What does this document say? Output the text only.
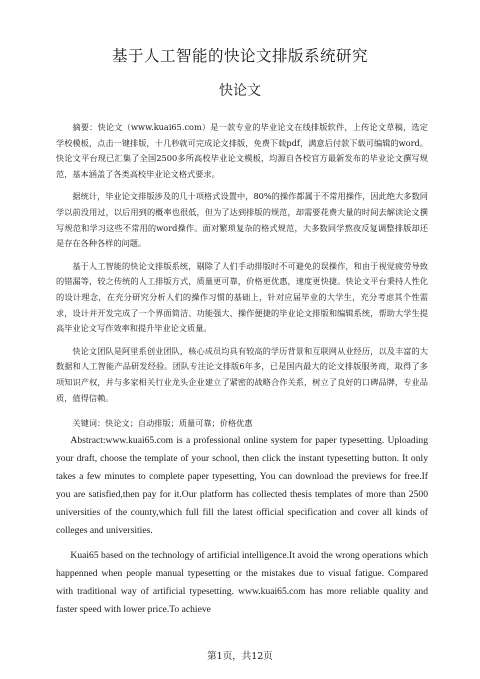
基于人工智能的快论文排版系统研究
快论文

摘要：快论文（www.kuai65.com）是一款专业的毕业论文在线排版软件，上传论文草稿，选定学校模板，点击一键排版，十几秒就可完成论文排版，免费下载pdf，满意后付款下载可编辑的word。快论文平台现已汇集了全国2500多所高校毕业论文模板，均源自各校官方最新发布的毕业论文撰写规范，基本涵盖了各类高校毕业论文格式要求。

据统计，毕业论文排版涉及的几十项格式设置中，80%的操作都属于不常用操作，因此绝大多数同学以前没用过，以后用到的概率也很低，但为了达到排版的规范，却需要花费大量的时间去解读论文撰写规范和学习这些不常用的word操作。面对繁琐复杂的格式规范，大多数同学熬夜反复调整排版却还是存在各种各样的问题。

基于人工智能的快论文排版系统，剔除了人们手动排版时不可避免的误操作，和由于视觉疲劳导致的错漏等，较之传统的人工排版方式，质量更可靠，价格更优惠，速度更快捷。快论文平台秉持人性化的设计理念，在充分研究分析人们的操作习惯的基础上，针对应届毕业的大学生，充分考虑其个性需求，设计并开发完成了一个界面简洁、功能强大、操作便捷的毕业论文排版和编辑系统，帮助大学生提高毕业论文写作效率和提升毕业论文质量。

快论文团队是阿里系创业团队，核心成员均具有较高的学历背景和互联网从业经历，以及丰富的大数据和人工智能产品研发经验。团队专注论文排版6年多，已是国内最大的论文排版服务商，取得了多项知识产权，并与多家相关行业龙头企业建立了紧密的战略合作关系，树立了良好的口碑品牌，专业品质，值得信赖。

关键词：快论文；自动排版；质量可靠；价格优惠

Abstract:www.kuai65.com is a professional online system for paper typesetting. Uploading your draft, choose the template of your school, then click the instant typesetting button. It only takes a few minutes to complete paper typesetting, You can download the previews for free.If you are satisfied,then pay for it.Our platform has collected thesis templates of more than 2500 universities of the county,which full fill the latest official specification and cover all kinds of colleges and universities.

Kuai65 based on the technology of artificial intelligence.It avoid the wrong operations which happenned when people manual typesetting or the mistakes due to visual fatigue. Compared with traditional way of artificial typesetting. www.kuai65.com has more reliable quality and faster speed with lower price.To achieve

第1页，共12页
